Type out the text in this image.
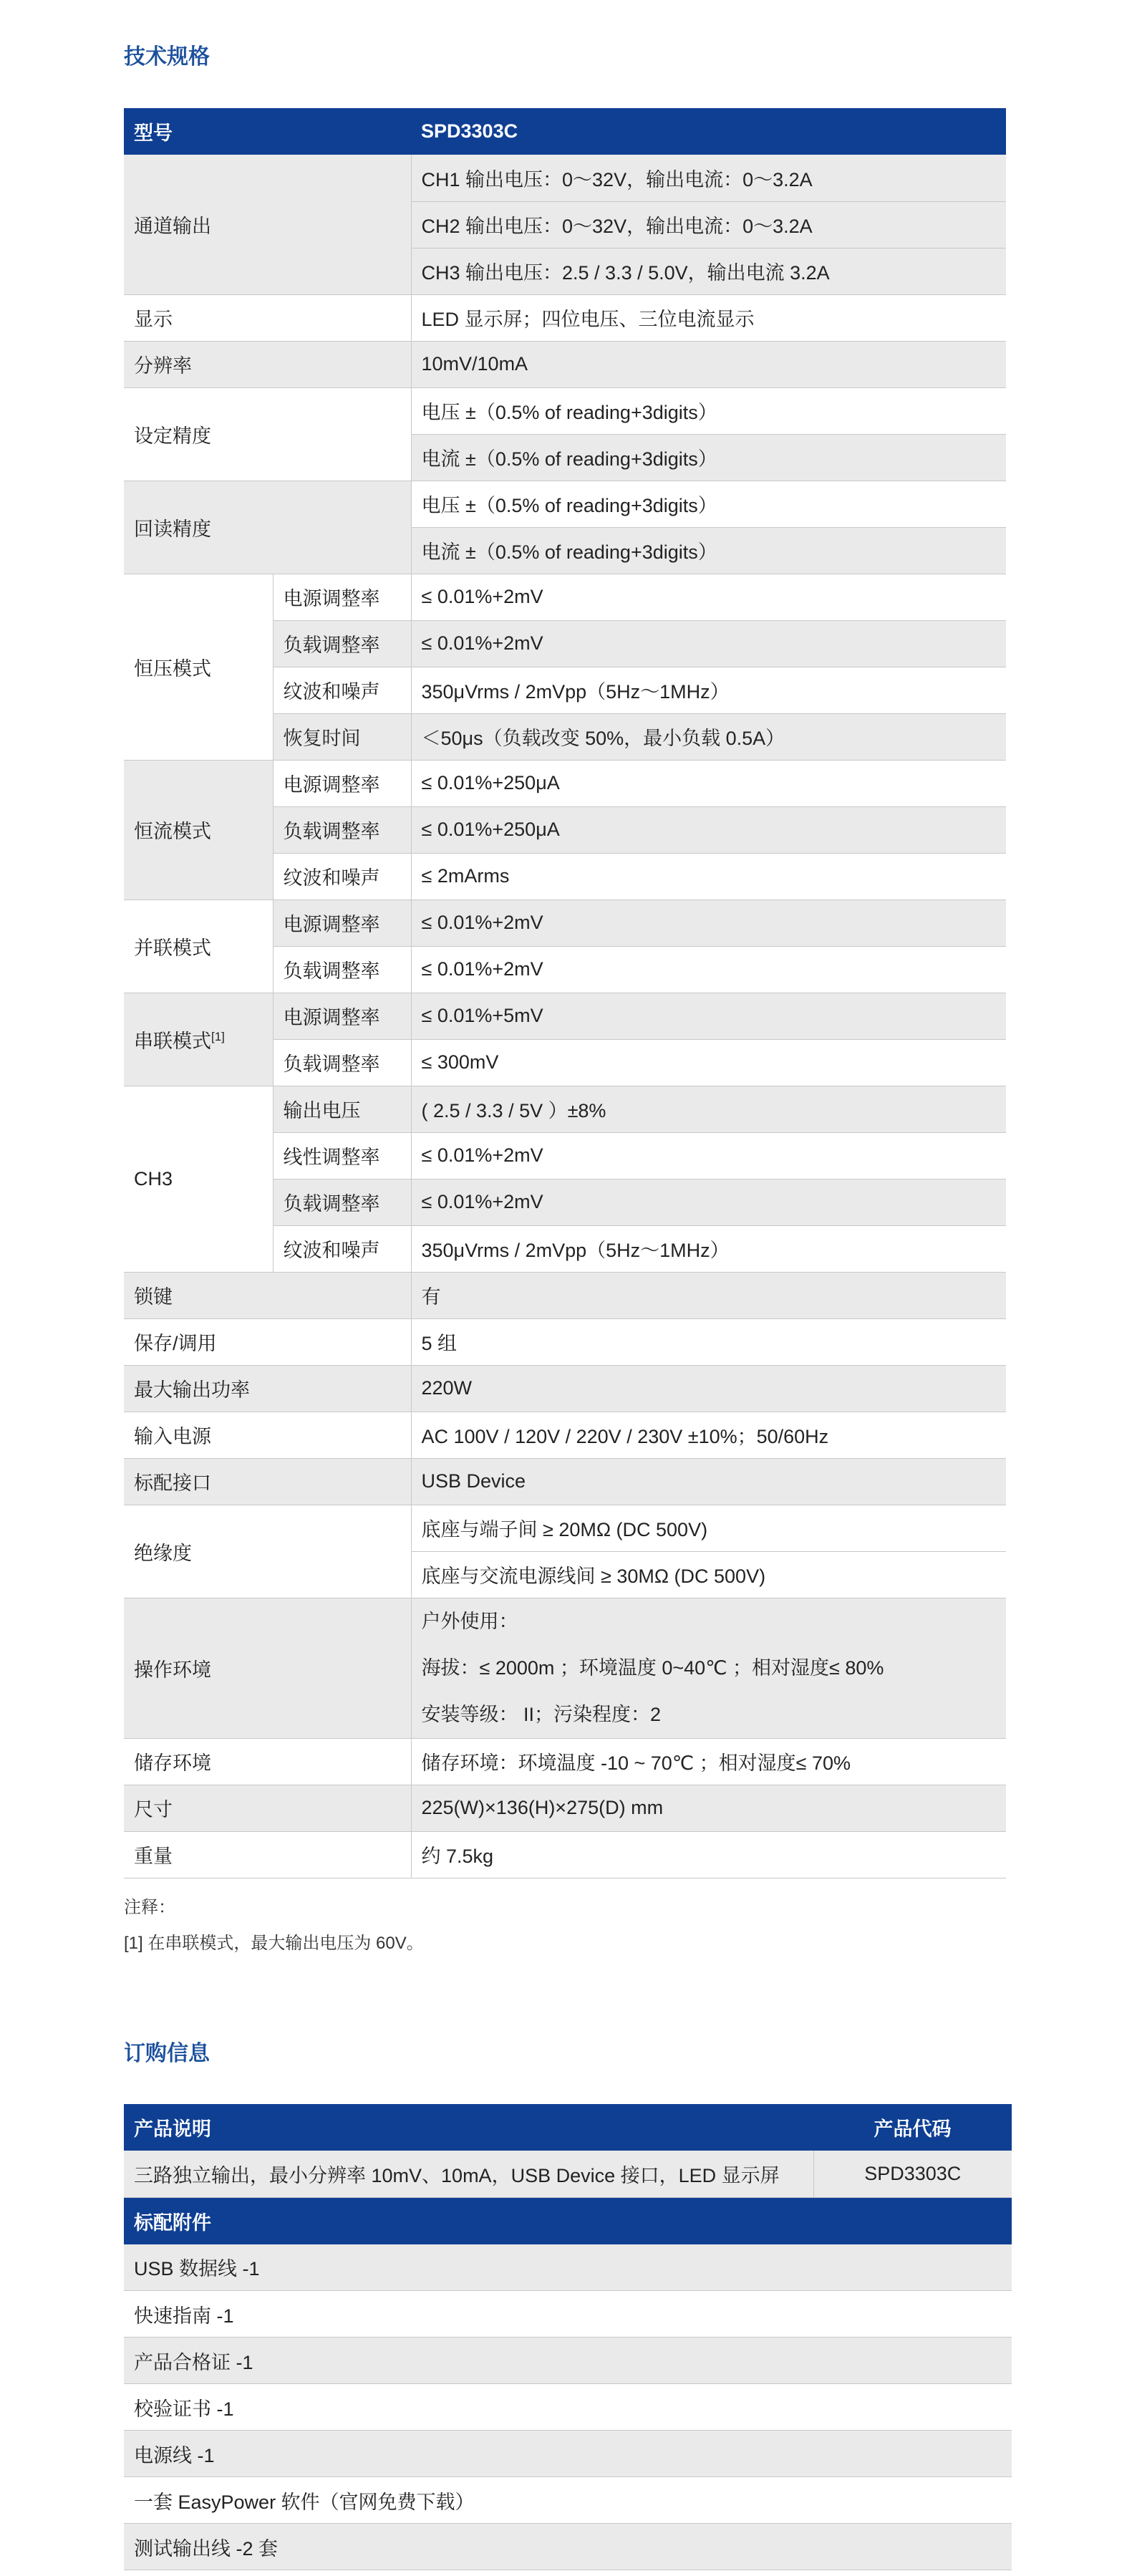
技术规格
型号		SPD3303C
通道输出		CH1 输出电压：0～32V，输出电流：0～3.2A
		CH2 输出电压：0～32V，输出电流：0～3.2A
		CH3 输出电压：2.5 / 3.3 / 5.0V，输出电流 3.2A
显示		LED 显示屏；四位电压、三位电流显示
分辨率		10mV/10mA
设定精度		电压 ±（0.5% of reading+3digits）
		电流 ±（0.5% of reading+3digits）
回读精度		电压 ±（0.5% of reading+3digits）
		电流 ±（0.5% of reading+3digits）
恒压模式	电源调整率	≤ 0.01%+2mV
	负载调整率	≤ 0.01%+2mV
	纹波和噪声	350μVrms / 2mVpp（5Hz～1MHz）
	恢复时间	＜50μs（负载改变 50%，最小负载 0.5A）
恒流模式	电源调整率	≤ 0.01%+250μA
	负载调整率	≤ 0.01%+250μA
	纹波和噪声	≤ 2mArms
并联模式	电源调整率	≤ 0.01%+2mV
	负载调整率	≤ 0.01%+2mV
串联模式[1]	电源调整率	≤ 0.01%+5mV
	负载调整率	≤ 300mV
CH3	输出电压	( 2.5 / 3.3 / 5V ）±8%
	线性调整率	≤ 0.01%+2mV
	负载调整率	≤ 0.01%+2mV
	纹波和噪声	350μVrms / 2mVpp（5Hz～1MHz）
锁键		有
保存/调用		5 组
最大输出功率		220W
输入电源		AC 100V / 120V / 220V / 230V ±10%；50/60Hz
标配接口		USB Device
绝缘度		底座与端子间 ≥ 20MΩ (DC 500V)
		底座与交流电源线间 ≥ 30MΩ (DC 500V)
操作环境		户外使用：
海拔：≤ 2000m ；环境温度 0~40℃ ；相对湿度≤ 80%
安装等级： II；污染程度：2

储存环境		储存环境：环境温度 -10 ~ 70℃ ；相对湿度≤ 70%
尺寸		225(W)×136(H)×275(D) mm
重量		约 7.5kg

注释：

[1] 在串联模式，最大输出电压为 60V。

订购信息
产品说明	产品代码
三路独立输出，最小分辨率 10mV、10mA，USB Device 接口，LED 显示屏	SPD3303C
标配附件	
USB 数据线 -1	
快速指南 -1	
产品合格证 -1	
校验证书 -1	
电源线 -1	
一套 EasyPower 软件（官网免费下载）	
测试输出线 -2 套	
